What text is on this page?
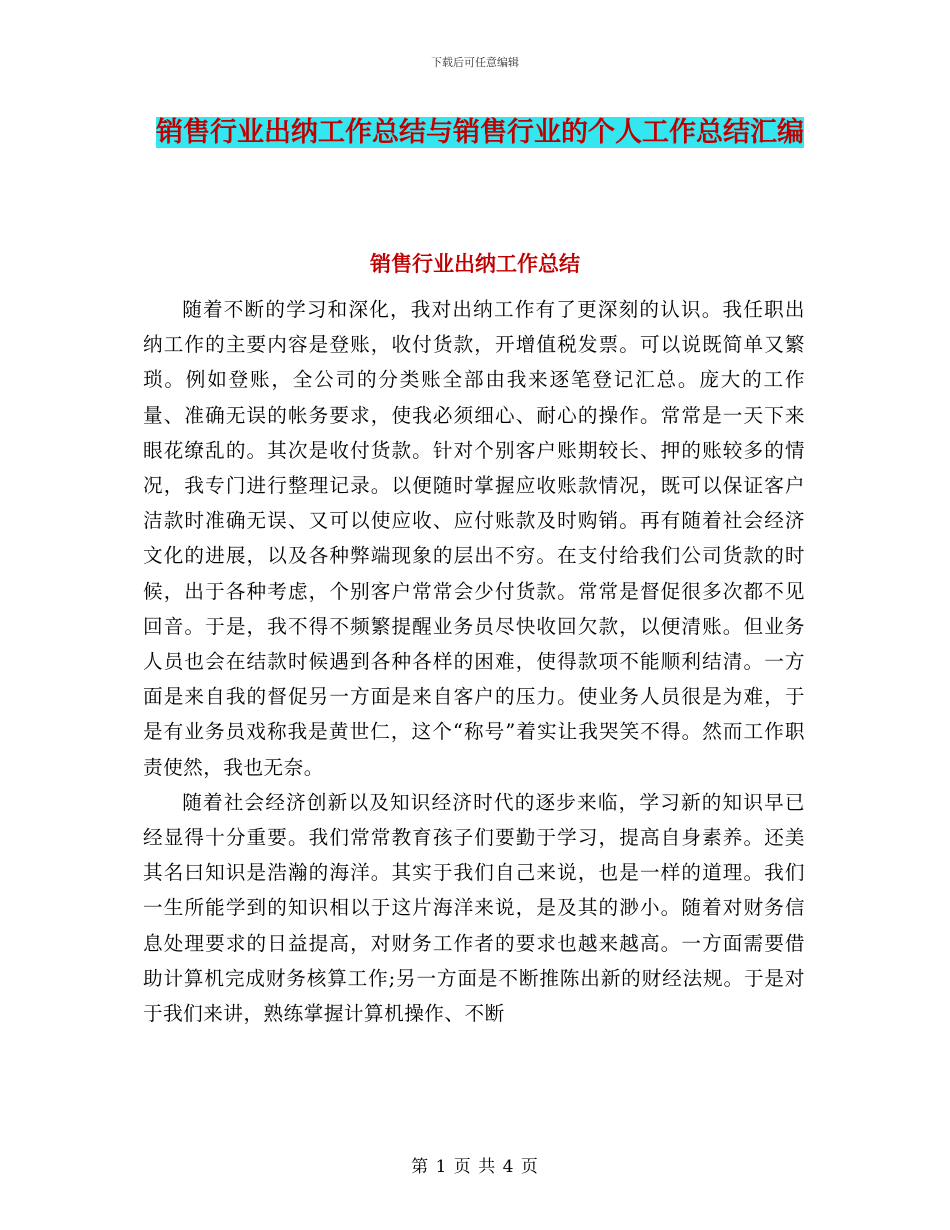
下载后可任意编辑
销售行业出纳工作总结与销售行业的个人工作总结汇编
销售行业出纳工作总结

随着不断的学习和深化，我对出纳工作有了更深刻的认识。我任职出纳工作的主要内容是登账，收付货款，开增值税发票。可以说既简单又繁琐。例如登账，全公司的分类账全部由我来逐笔登记汇总。庞大的工作量、准确无误的帐务要求，使我必须细心、耐心的操作。常常是一天下来眼花缭乱的。其次是收付货款。针对个别客户账期较长、押的账较多的情况，我专门进行整理记录。以便随时掌握应收账款情况，既可以保证客户洁款时准确无误、又可以使应收、应付账款及时购销。再有随着社会经济文化的进展，以及各种弊端现象的层出不穷。在支付给我们公司货款的时候，出于各种考虑，个别客户常常会少付货款。常常是督促很多次都不见回音。于是，我不得不频繁提醒业务员尽快收回欠款，以便清账。但业务人员也会在结款时候遇到各种各样的困难，使得款项不能顺利结清。一方面是来自我的督促另一方面是来自客户的压力。使业务人员很是为难，于是有业务员戏称我是黄世仁，这个“称号”着实让我哭笑不得。然而工作职责使然，我也无奈。

随着社会经济创新以及知识经济时代的逐步来临，学习新的知识早已经显得十分重要。我们常常教育孩子们要勤于学习，提高自身素养。还美其名曰知识是浩瀚的海洋。其实于我们自己来说，也是一样的道理。我们一生所能学到的知识相以于这片海洋来说，是及其的渺小。随着对财务信息处理要求的日益提高，对财务工作者的要求也越来越高。一方面需要借助计算机完成财务核算工作;另一方面是不断推陈出新的财经法规。于是对于我们来讲，熟练掌握计算机操作、不断

第 1 页 共 4 页
